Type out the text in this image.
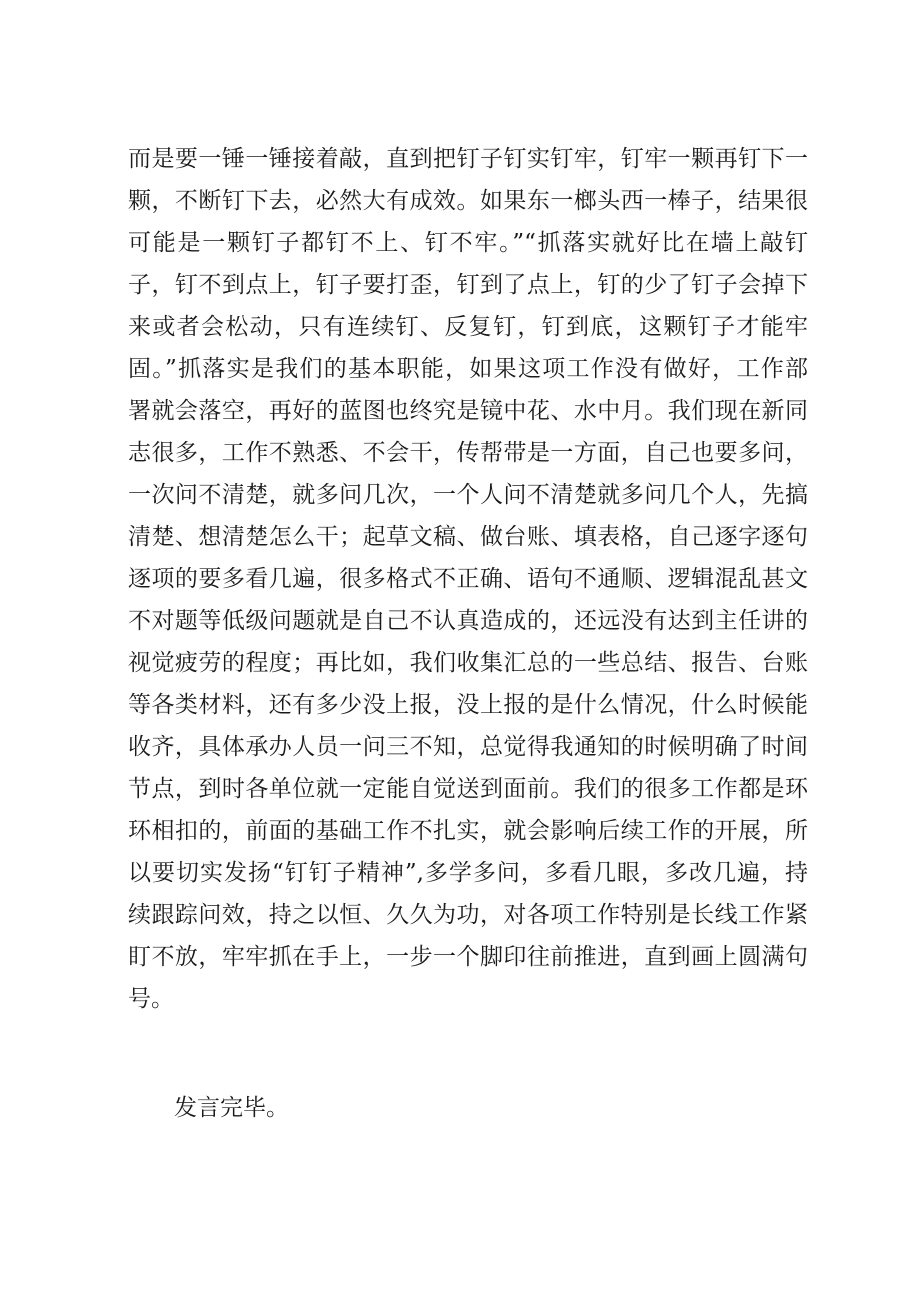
而是要一锤一锤接着敲，直到把钉子钉实钉牢，钉牢一颗再钉下一
颗，不断钉下去，必然大有成效。如果东一榔头西一棒子，结果很
可能是一颗钉子都钉不上、钉不牢。”“抓落实就好比在墙上敲钉
子，钉不到点上，钉子要打歪，钉到了点上，钉的少了钉子会掉下
来或者会松动，只有连续钉、反复钉，钉到底，这颗钉子才能牢
固。”抓落实是我们的基本职能，如果这项工作没有做好，工作部
署就会落空，再好的蓝图也终究是镜中花、水中月。我们现在新同
志很多，工作不熟悉、不会干，传帮带是一方面，自己也要多问，
一次问不清楚，就多问几次，一个人问不清楚就多问几个人，先搞
清楚、想清楚怎么干；起草文稿、做台账、填表格，自己逐字逐句
逐项的要多看几遍，很多格式不正确、语句不通顺、逻辑混乱甚文
不对题等低级问题就是自己不认真造成的，还远没有达到主任讲的
视觉疲劳的程度；再比如，我们收集汇总的一些总结、报告、台账
等各类材料，还有多少没上报，没上报的是什么情况，什么时候能
收齐，具体承办人员一问三不知，总觉得我通知的时候明确了时间
节点，到时各单位就一定能自觉送到面前。我们的很多工作都是环
环相扣的，前面的基础工作不扎实，就会影响后续工作的开展，所
以要切实发扬“钉钉子精神”,多学多问，多看几眼，多改几遍，持
续跟踪问效，持之以恒、久久为功，对各项工作特别是长线工作紧
盯不放，牢牢抓在手上，一步一个脚印往前推进，直到画上圆满句
号。

发言完毕。
